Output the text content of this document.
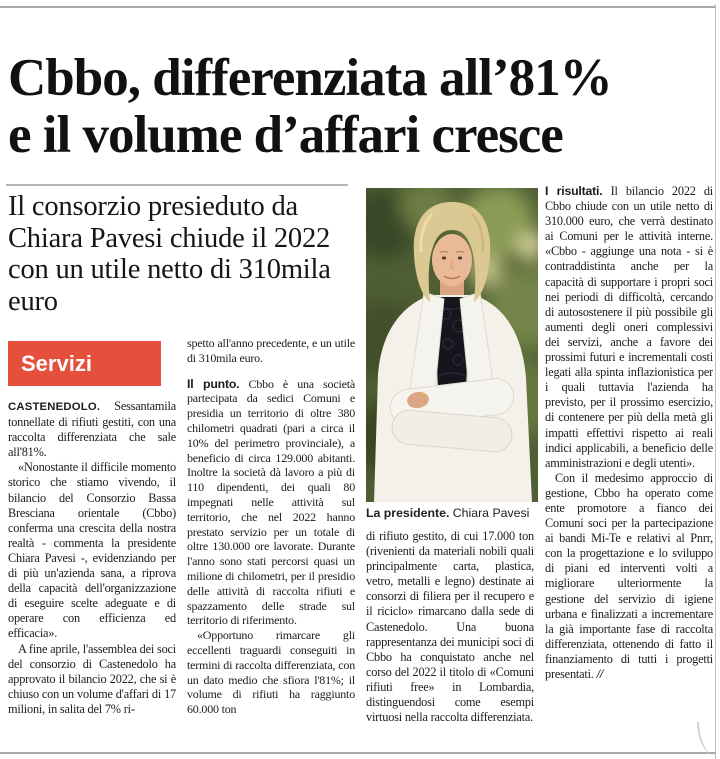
Cbbo, differenziata all’81%
e il volume d’affari cresce
Il consorzio presieduto da Chiara Pavesi chiude il 2022 con un utile netto di 310mila euro
Servizi

CASTENEDOLO. Sessantamila tonnellate di rifiuti gestiti, con una raccolta differenziata che sale all'81%.

«Nonostante il difficile momento storico che stiamo vivendo, il bilancio del Consorzio Bassa Bresciana orientale (Cbbo) conferma una crescita della nostra realtà - commenta la presidente Chiara Pavesi -, evidenziando per di più un'azienda sana, a riprova della capacità dell'organizzazione di eseguire scelte adeguate e di operare con efficienza ed efficacia».

A fine aprile, l'assemblea dei soci del consorzio di Castenedolo ha approvato il bilancio 2022, che si è chiuso con un volume d'affari di 17 milioni, in salita del 7% ri-

spetto all'anno precedente, e un utile di 310mila euro.

Il punto. Cbbo è una società partecipata da sedici Comuni e presidia un territorio di oltre 380 chilometri quadrati (pari a circa il 10% del perimetro provinciale), a beneficio di circa 129.000 abitanti. Inoltre la società dà lavoro a più di 110 dipendenti, dei quali 80 impegnati nelle attività sul territorio, che nel 2022 hanno prestato servizio per un totale di oltre 130.000 ore lavorate. Durante l'anno sono stati percorsi quasi un milione di chilometri, per il presidio delle attività di raccolta rifiuti e spazzamento delle strade sul territorio di riferimento.

«Opportuno rimarcare gli eccellenti traguardi conseguiti in termini di raccolta differenziata, con un dato medio che sfiora l'81%; il volume di rifiuti ha raggiunto 60.000 ton

La presidente. Chiara Pavesi

di rifiuto gestito, di cui 17.000 ton (rivenienti da materiali nobili quali principalmente carta, plastica, vetro, metalli e legno) destinate ai consorzi di filiera per il recupero e il riciclo» rimarcano dalla sede di Castenedolo. Una buona rappresentanza dei municipi soci di Cbbo ha conquistato anche nel corso del 2022 il titolo di «Comuni rifiuti free» in Lombardia, distinguendosi come esempi virtuosi nella raccolta differenziata.

I risultati. Il bilancio 2022 di Cbbo chiude con un utile netto di 310.000 euro, che verrà destinato ai Comuni per le attività interne. «Cbbo - aggiunge una nota - si è contraddistinta anche per la capacità di supportare i propri soci nei periodi di difficoltà, cercando di autosostenere il più possibile gli aumenti degli oneri complessivi dei servizi, anche a favore dei prossimi futuri e incrementali costi legati alla spinta inflazionistica per i quali tuttavia l'azienda ha previsto, per il prossimo esercizio, di contenere per più della metà gli impatti effettivi rispetto ai reali indici applicabili, a beneficio delle amministrazioni e degli utenti».

Con il medesimo approccio di gestione, Cbbo ha operato come ente promotore a fianco dei Comuni soci per la partecipazione ai bandi Mi-Te e relativi al Pnrr, con la progettazione e lo sviluppo di piani ed interventi volti a migliorare ulteriormente la gestione del servizio di igiene urbana e finalizzati a incrementare la già importante fase di raccolta differenziata, ottenendo di fatto il finanziamento di tutti i progetti presentati. //
